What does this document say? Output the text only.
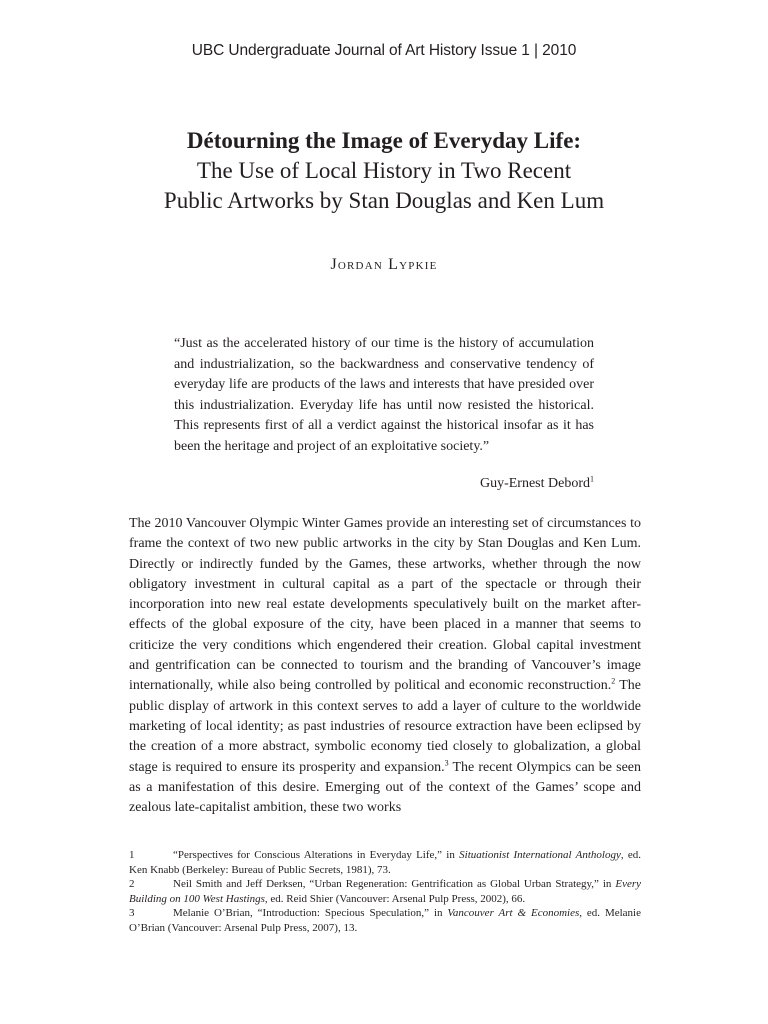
UBC Undergraduate Journal of Art History Issue 1 | 2010
Détourning the Image of Everyday Life:
The Use of Local History in Two Recent
Public Artworks by Stan Douglas and Ken Lum
Jordan Lypkie

“Just as the accelerated history of our time is the history of accumulation and industrialization, so the backwardness and conservative tendency of everyday life are products of the laws and interests that have presided over this industrialization. Everyday life has until now resisted the historical. This represents first of all a verdict against the historical insofar as it has been the heritage and project of an exploitative society.”

Guy-Ernest Debord$^1$

The 2010 Vancouver Olympic Winter Games provide an interesting set of circumstances to frame the context of two new public artworks in the city by Stan Douglas and Ken Lum. Directly or indirectly funded by the Games, these artworks, whether through the now obligatory investment in cultural capital as a part of the spectacle or through their incorporation into new real estate developments speculatively built on the market after-effects of the global exposure of the city, have been placed in a manner that seems to criticize the very conditions which engendered their creation. Global capital investment and gentrification can be connected to tourism and the branding of Vancouver’s image internationally, while also being controlled by political and economic reconstruction.$^2$ The public display of artwork in this context serves to add a layer of culture to the worldwide marketing of local identity; as past industries of resource extraction have been eclipsed by the creation of a more abstract, symbolic economy tied closely to globalization, a global stage is required to ensure its prosperity and expansion.$^3$ The recent Olympics can be seen as a manifestation of this desire. Emerging out of the context of the Games’ scope and zealous late-capitalist ambition, these two works

1	“Perspectives for Conscious Alterations in Everyday Life,” in Situationist International Anthology, ed. Ken Knabb (Berkeley: Bureau of Public Secrets, 1981), 73.

2	Neil Smith and Jeff Derksen, “Urban Regeneration: Gentrification as Global Urban Strategy,” in Every Building on 100 West Hastings, ed. Reid Shier (Vancouver: Arsenal Pulp Press, 2002), 66.

3	Melanie O’Brian, “Introduction: Specious Speculation,” in Vancouver Art & Economies, ed. Melanie O’Brian (Vancouver: Arsenal Pulp Press, 2007), 13.
